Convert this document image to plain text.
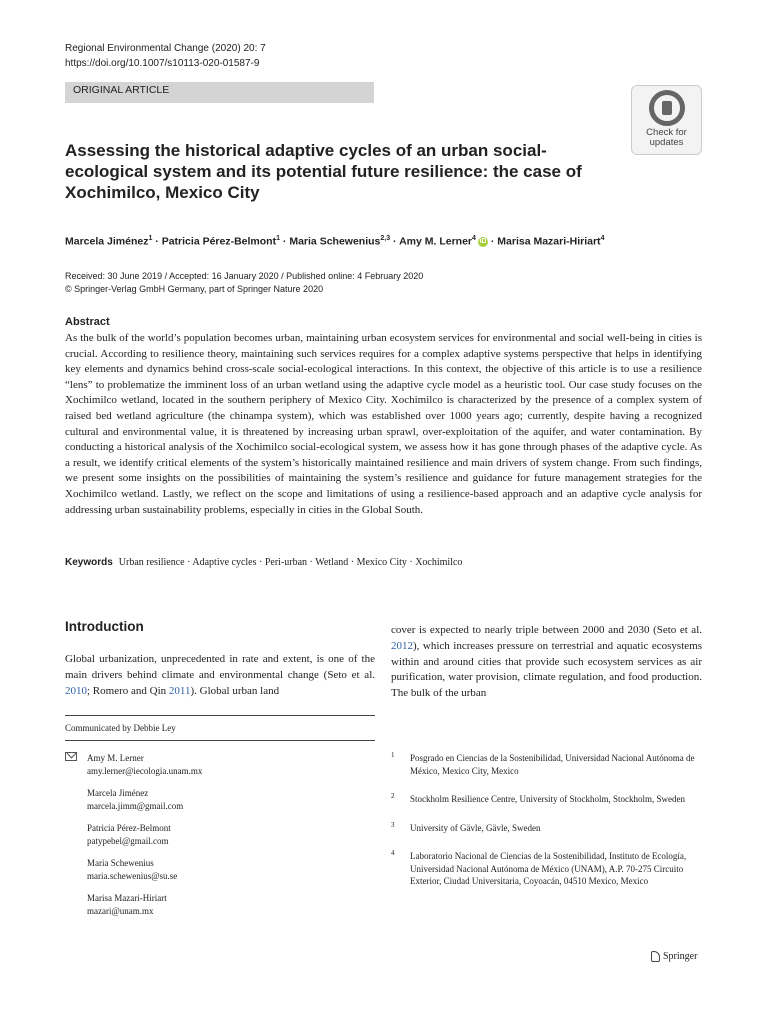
Regional Environmental Change (2020) 20: 7
https://doi.org/10.1007/s10113-020-01587-9
ORIGINAL ARTICLE
Check for
updates
Assessing the historical adaptive cycles of an urban social-ecological system and its potential future resilience: the case of Xochimilco, Mexico City
Marcela Jiménez$^1$ · Patricia Pérez-Belmont$^1$ · Maria Schewenius$^{2,3}$ · Amy M. Lerner$^4$ iD · Marisa Mazari-Hiriart$^4$
Received: 30 June 2019 / Accepted: 16 January 2020 / Published online: 4 February 2020
© Springer-Verlag GmbH Germany, part of Springer Nature 2020
Abstract
As the bulk of the world’s population becomes urban, maintaining urban ecosystem services for environmental and social well-being in cities is crucial. According to resilience theory, maintaining such services requires for a complex adaptive systems perspective that helps in identifying key elements and dynamics behind cross-scale social-ecological interactions. In this context, the objective of this article is to use a resilience “lens” to problematize the imminent loss of an urban wetland using the adaptive cycle model as a heuristic tool. Our case study focuses on the Xochimilco wetland, located in the southern periphery of Mexico City. Xochimilco is characterized by the presence of a complex system of raised bed wetland agriculture (the chinampa system), which was established over 1000 years ago; currently, despite having a recognized cultural and environmental value, it is threatened by increasing urban sprawl, over-exploitation of the aquifer, and water contamination. By conducting a historical analysis of the Xochimilco social-ecological system, we assess how it has gone through phases of the adaptive cycle. As a result, we identify critical elements of the system’s historically maintained resilience and main drivers of system change. From such findings, we present some insights on the possibilities of maintaining the system’s resilience and guidance for future management strategies for the Xochimilco wetland. Lastly, we reflect on the scope and limitations of using a resilience-based approach and an adaptive cycle analysis for addressing urban sustainability problems, especially in cities in the Global South.
Keywords Urban resilience · Adaptive cycles · Peri-urban · Wetland · Mexico City · Xochimilco
Introduction
Global urbanization, unprecedented in rate and extent, is one of the main drivers behind climate and environmental change (Seto et al. 2010; Romero and Qin 2011). Global urban land
cover is expected to nearly triple between 2000 and 2030 (Seto et al. 2012), which increases pressure on terrestrial and aquatic ecosystems within and around cities that provide such ecosystem services as air purification, water provision, climate regulation, and food production. The bulk of the urban
Communicated by Debbie Ley
Amy M. Lerner
amy.lerner@iecologia.unam.mx
Marcela Jiménez
marcela.jimm@gmail.com
Patricia Pérez-Belmont
patypebel@gmail.com
Maria Schewenius
maria.schewenius@su.se
Marisa Mazari-Hiriart
mazari@unam.mx
1 Posgrado en Ciencias de la Sostenibilidad, Universidad Nacional Autónoma de México, Mexico City, Mexico
2 Stockholm Resilience Centre, University of Stockholm, Stockholm, Sweden
3 University of Gävle, Gävle, Sweden
4 Laboratorio Nacional de Ciencias de la Sostenibilidad, Instituto de Ecología, Universidad Nacional Autónoma de México (UNAM), A.P. 70-275 Circuito Exterior, Ciudad Universitaria, Coyoacán, 04510 Mexico, Mexico
Springer
